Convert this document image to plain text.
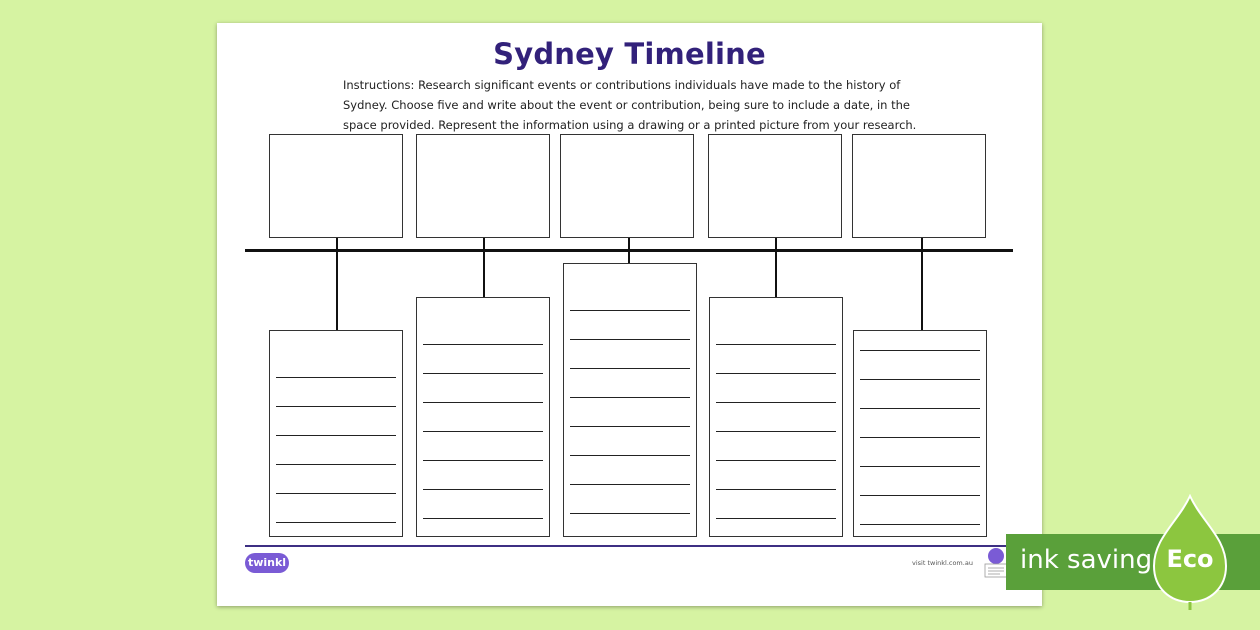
Sydney Timeline

Instructions: Research significant events or contributions individuals have made to the history of
Sydney. Choose five and write about the event or contribution, being sure to include a date, in the
space provided. Represent the information using a drawing or a printed picture from your research.

twinkl	visit twinkl.com.au ink saving Eco
